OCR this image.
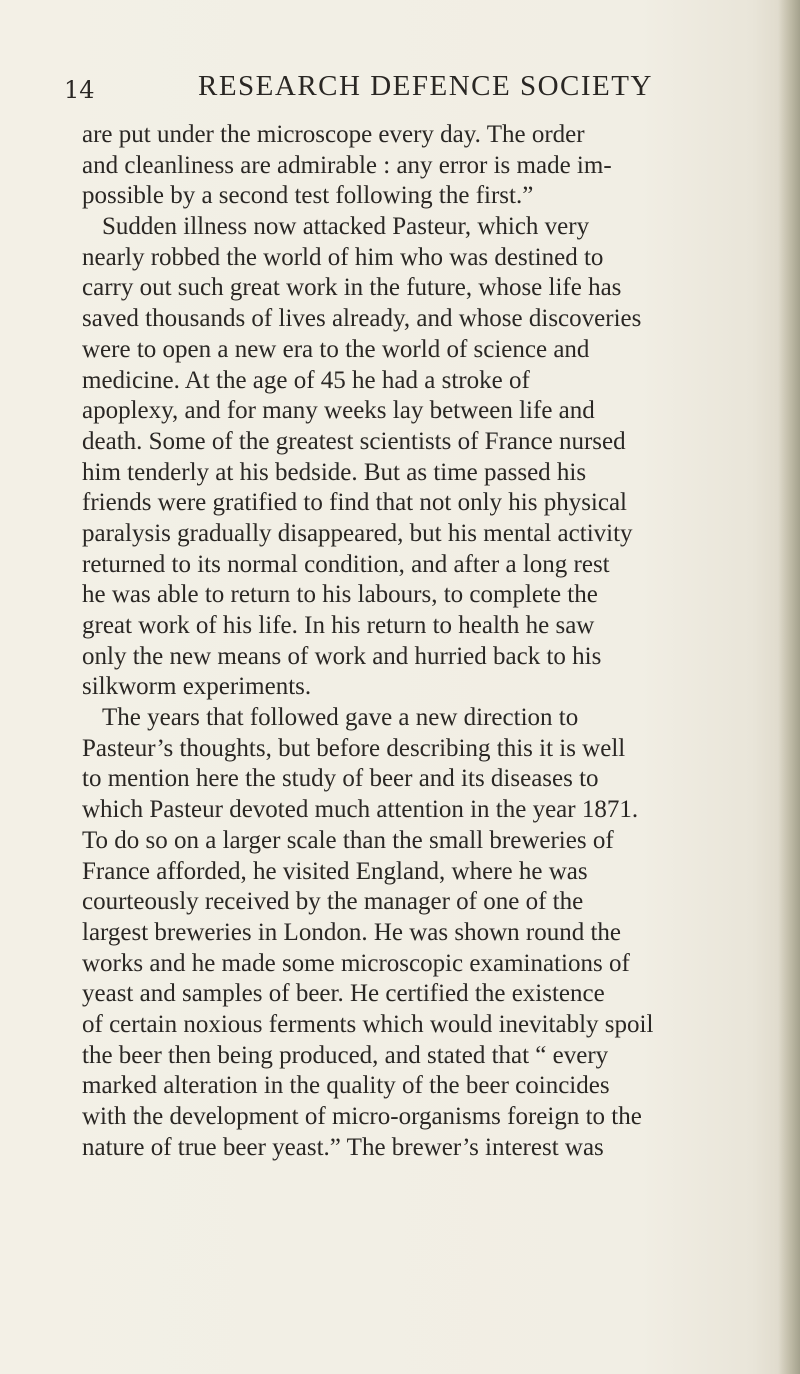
14	RESEARCH DEFENCE SOCIETY
are put under the microscope every day. The order
and cleanliness are admirable : any error is made im-
possible by a second test following the first.”
Sudden illness now attacked Pasteur, which very
nearly robbed the world of him who was destined to
carry out such great work in the future, whose life has
saved thousands of lives already, and whose discoveries
were to open a new era to the world of science and
medicine. At the age of 45 he had a stroke of
apoplexy, and for many weeks lay between life and
death. Some of the greatest scientists of France nursed
him tenderly at his bedside. But as time passed his
friends were gratified to find that not only his physical
paralysis gradually disappeared, but his mental activity
returned to its normal condition, and after a long rest
he was able to return to his labours, to complete the
great work of his life. In his return to health he saw
only the new means of work and hurried back to his
silkworm experiments.
The years that followed gave a new direction to
Pasteur’s thoughts, but before describing this it is well
to mention here the study of beer and its diseases to
which Pasteur devoted much attention in the year 1871.
To do so on a larger scale than the small breweries of
France afforded, he visited England, where he was
courteously received by the manager of one of the
largest breweries in London. He was shown round the
works and he made some microscopic examinations of
yeast and samples of beer. He certified the existence
of certain noxious ferments which would inevitably spoil
the beer then being produced, and stated that “ every
marked alteration in the quality of the beer coincides
with the development of micro-organisms foreign to the
nature of true beer yeast.” The brewer’s interest was
